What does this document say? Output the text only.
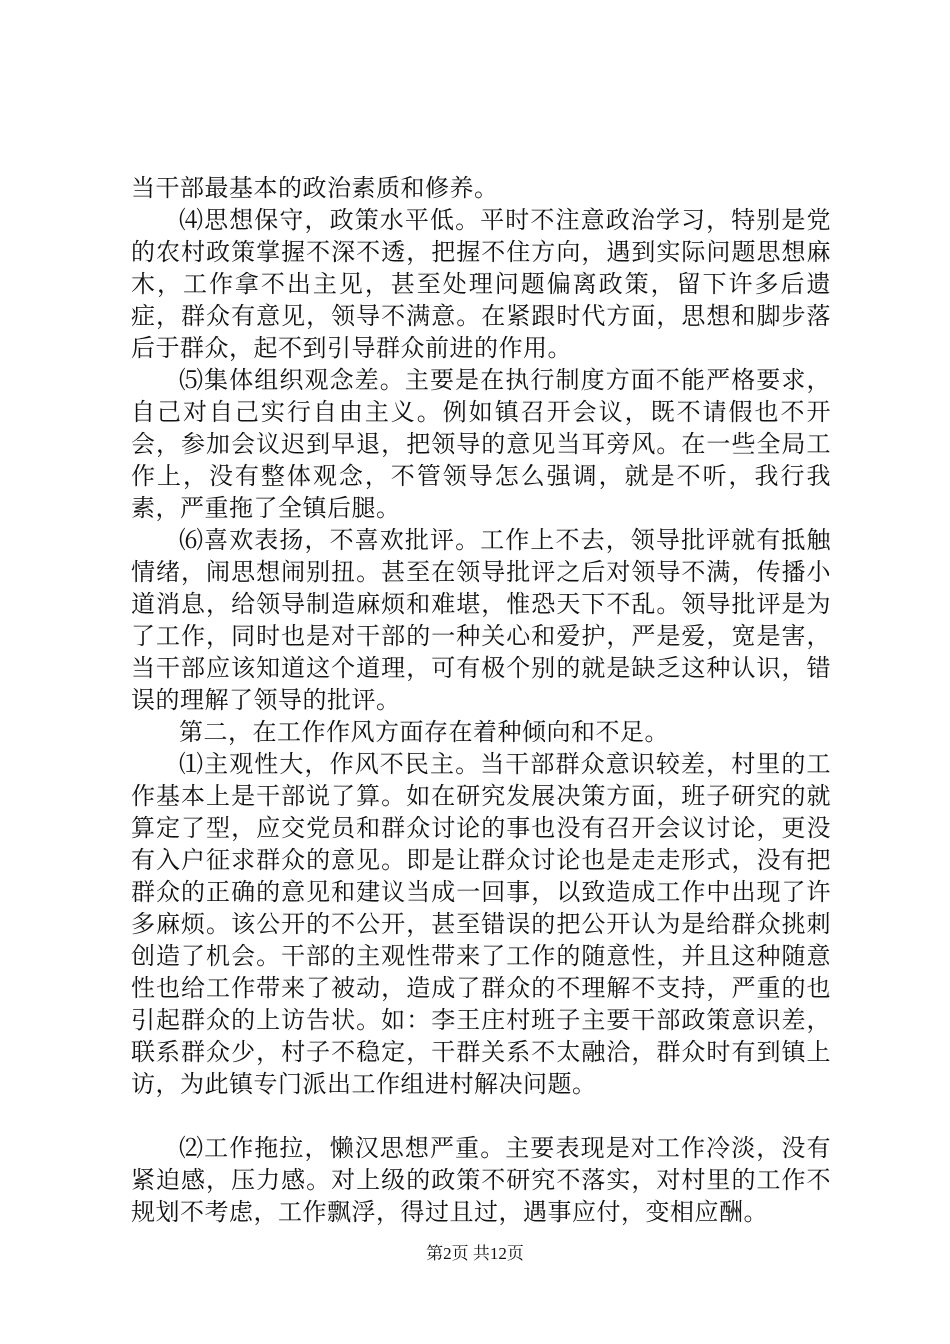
当干部最基本的政治素质和修养。

⑷思想保守，政策水平低。平时不注意政治学习，特别是党的农村政策掌握不深不透，把握不住方向，遇到实际问题思想麻木，工作拿不出主见，甚至处理问题偏离政策，留下许多后遗症，群众有意见，领导不满意。在紧跟时代方面，思想和脚步落后于群众，起不到引导群众前进的作用。

⑸集体组织观念差。主要是在执行制度方面不能严格要求，自己对自己实行自由主义。例如镇召开会议，既不请假也不开会，参加会议迟到早退，把领导的意见当耳旁风。在一些全局工作上，没有整体观念，不管领导怎么强调，就是不听，我行我素，严重拖了全镇后腿。

⑹喜欢表扬，不喜欢批评。工作上不去，领导批评就有抵触情绪，闹思想闹别扭。甚至在领导批评之后对领导不满，传播小道消息，给领导制造麻烦和难堪，惟恐天下不乱。领导批评是为了工作，同时也是对干部的一种关心和爱护，严是爱，宽是害，当干部应该知道这个道理，可有极个别的就是缺乏这种认识，错误的理解了领导的批评。

第二，在工作作风方面存在着种倾向和不足。

⑴主观性大，作风不民主。当干部群众意识较差，村里的工作基本上是干部说了算。如在研究发展决策方面，班子研究的就算定了型，应交党员和群众讨论的事也没有召开会议讨论，更没有入户征求群众的意见。即是让群众讨论也是走走形式，没有把群众的正确的意见和建议当成一回事，以致造成工作中出现了许多麻烦。该公开的不公开，甚至错误的把公开认为是给群众挑刺创造了机会。干部的主观性带来了工作的随意性，并且这种随意性也给工作带来了被动，造成了群众的不理解不支持，严重的也引起群众的上访告状。如：李王庄村班子主要干部政策意识差，联系群众少，村子不稳定，干群关系不太融洽，群众时有到镇上访，为此镇专门派出工作组进村解决问题。

⑵工作拖拉，懒汉思想严重。主要表现是对工作冷淡，没有紧迫感，压力感。对上级的政策不研究不落实，对村里的工作不规划不考虑，工作飘浮，得过且过，遇事应付，变相应酬。

第2页 共12页
